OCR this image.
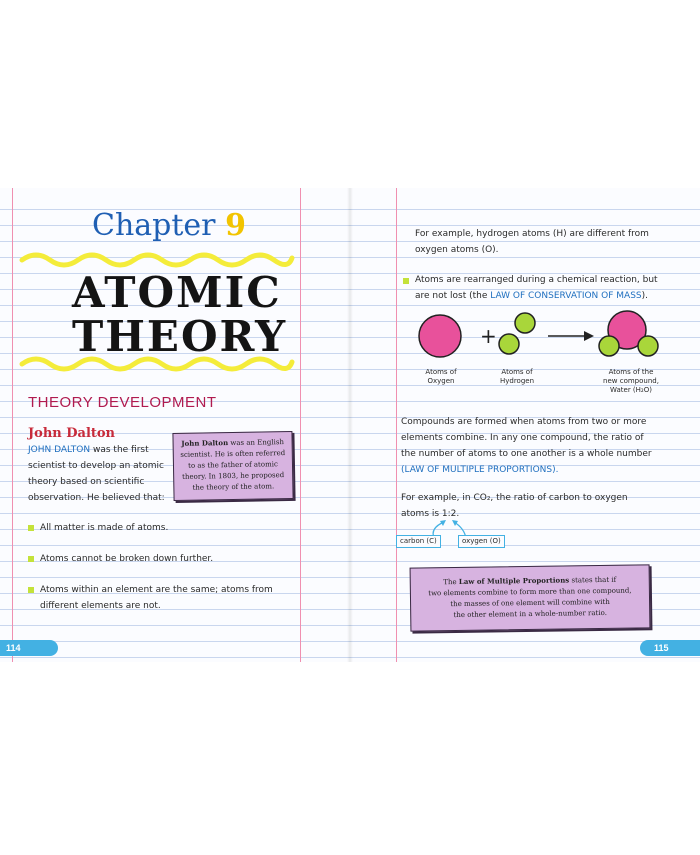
Chapter 9
ATOMIC
THEORY
THEORY DEVELOPMENT
John Dalton
JOHN DALTON was the first
scientist to develop an atomic
theory based on scientific
observation. He believed that:
John Dalton was an English
scientist. He is often referred
to as the father of atomic
theory. In 1803, he proposed
the theory of the atom.
All matter is made of atoms.
Atoms cannot be broken down further.
Atoms within an element are the same; atoms from
different elements are not.
114
For example, hydrogen atoms (H) are different from
oxygen atoms (O).
Atoms are rearranged during a chemical reaction, but
are not lost (the LAW OF CONSERVATION OF MASS).
+
Atoms of
Oxygen
Atoms of
Hydrogen
Atoms of the
new compound,
Water (H₂O)
Compounds are formed when atoms from two or more
elements combine. In any one compound, the ratio of
the number of atoms to one another is a whole number
(LAW OF MULTIPLE PROPORTIONS).
For example, in CO₂, the ratio of carbon to oxygen
atoms is 1:2.
carbon (C)	oxygen (O)
The Law of Multiple Proportions states that if
two elements combine to form more than one compound,
the masses of one element will combine with
the other element in a whole-number ratio.
115
